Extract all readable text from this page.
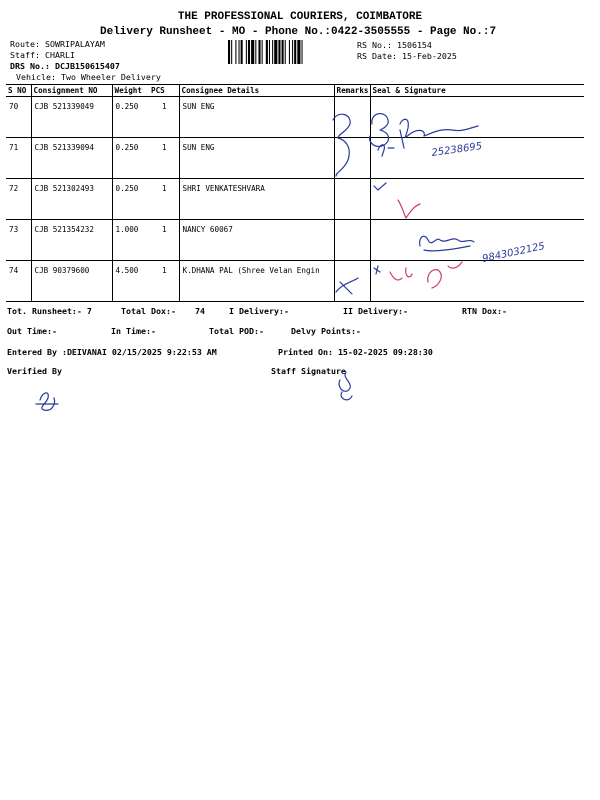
THE PROFESSIONAL COURIERS, COIMBATORE
Delivery Runsheet - MO - Phone No.:0422-3505555 - Page No.:7
Route: SOWRIPALAYAM
Staff: CHARLI
DRS No.: DCJB150615407
Vehicle: Two Wheeler Delivery
RS No.: 1506154
RS Date: 15-Feb-2025
S NO	Consignment NO	Weight	PCS	Consignee Details	Remarks	Seal & Signature
70	CJB 521339049	0.250	1	SUN ENG		
71	CJB 521339094	0.250	1	SUN ENG		
72	CJB 521302493	0.250	1	SHRI VENKATESHVARA		
73	CJB 521354232	1.000	1	NANCY 60067		
74	CJB 90379600	4.500	1	K.DHANA PAL (Shree Velan Engin		
Tot. Runsheet:- 7	Total Dox:- 74	I Delivery:-	II Delivery:-	RTN Dox:-
Out Time:-	In Time:-	Total POD:-	Delvy Points:-
Entered By :DEIVANAI 02/15/2025 9:22:53 AM	Printed On: 15-02-2025 09:28:30
Verified By	Staff Signature
25238695
9843032125
